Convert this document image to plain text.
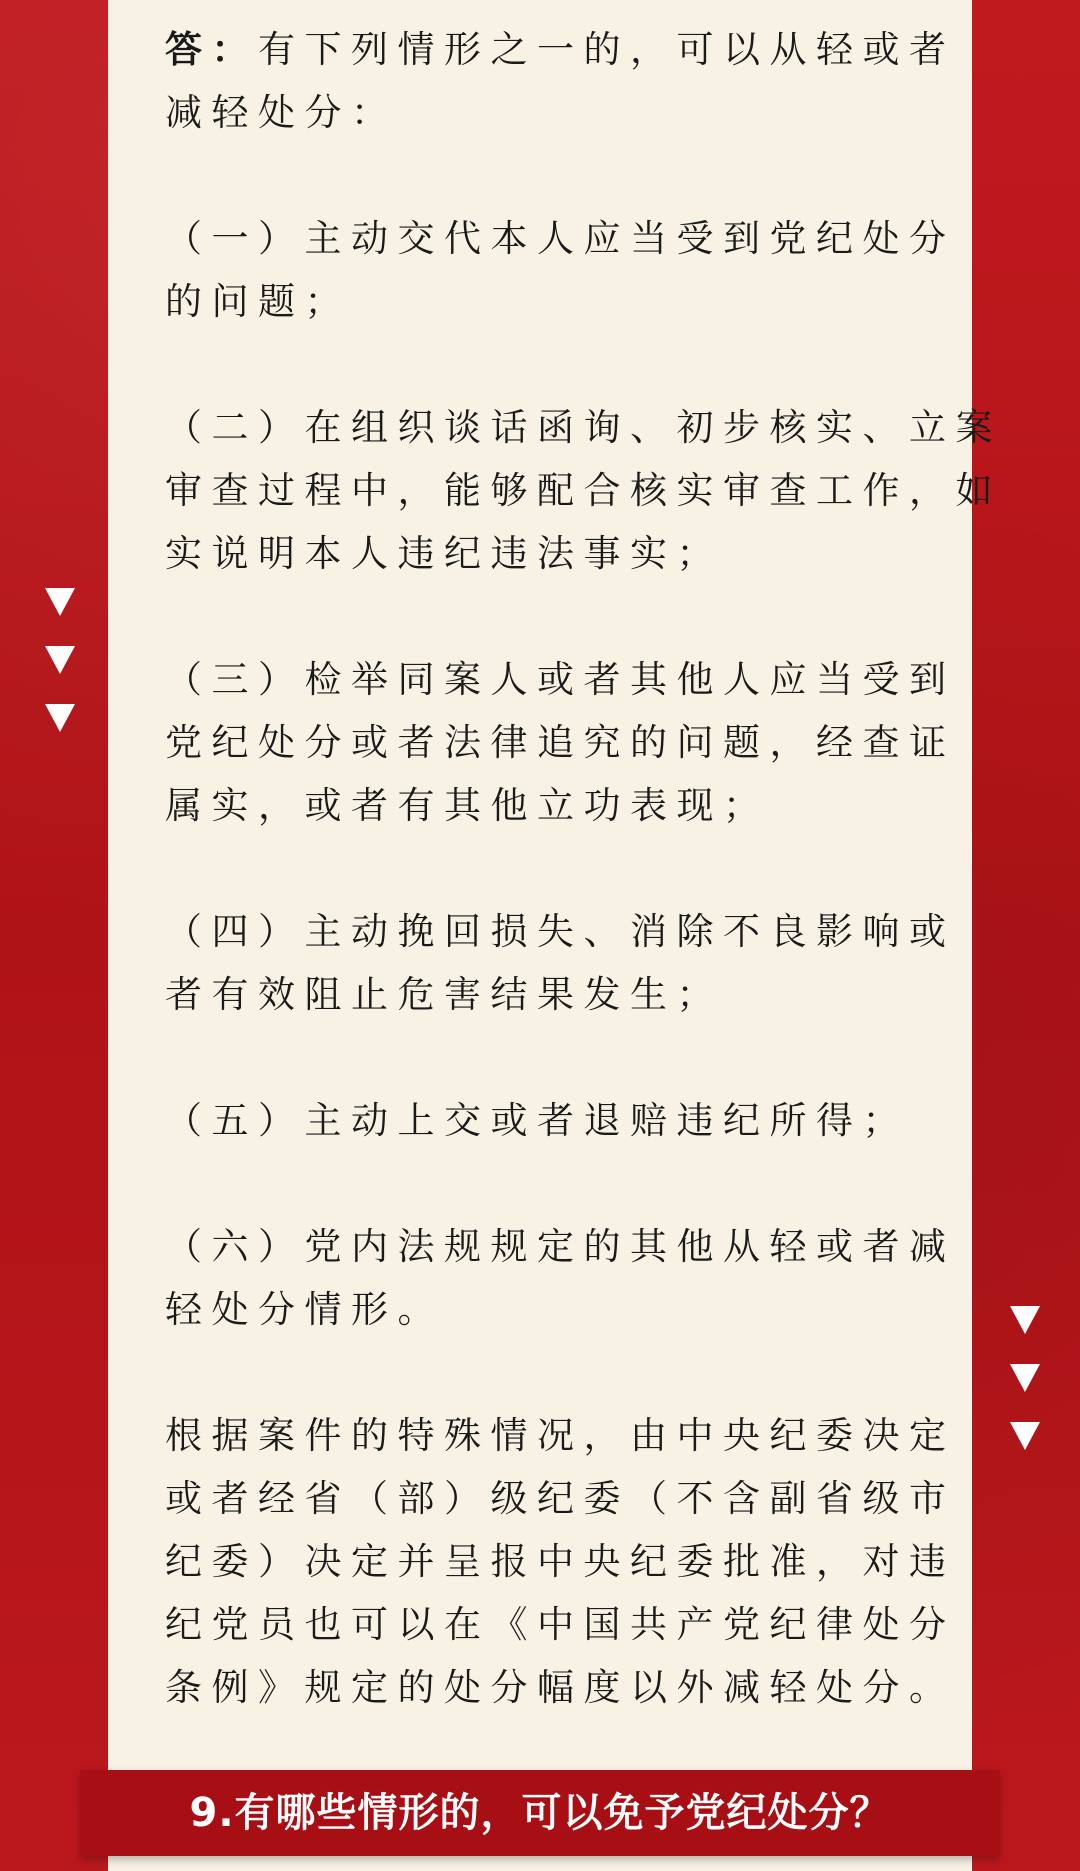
答：有下列情形之一的，可以从轻或者
减轻处分：

（一）主动交代本人应当受到党纪处分
的问题；

（二）在组织谈话函询、初步核实、立案
审查过程中，能够配合核实审查工作，如
实说明本人违纪违法事实；

（三）检举同案人或者其他人应当受到
党纪处分或者法律追究的问题，经查证
属实，或者有其他立功表现；

（四）主动挽回损失、消除不良影响或
者有效阻止危害结果发生；

（五）主动上交或者退赔违纪所得；

（六）党内法规规定的其他从轻或者减
轻处分情形。

根据案件的特殊情况，由中央纪委决定
或者经省（部）级纪委（不含副省级市
纪委）决定并呈报中央纪委批准，对违
纪党员也可以在《中国共产党纪律处分
条例》规定的处分幅度以外减轻处分。

9.有哪些情形的，可以免予党纪处分？
